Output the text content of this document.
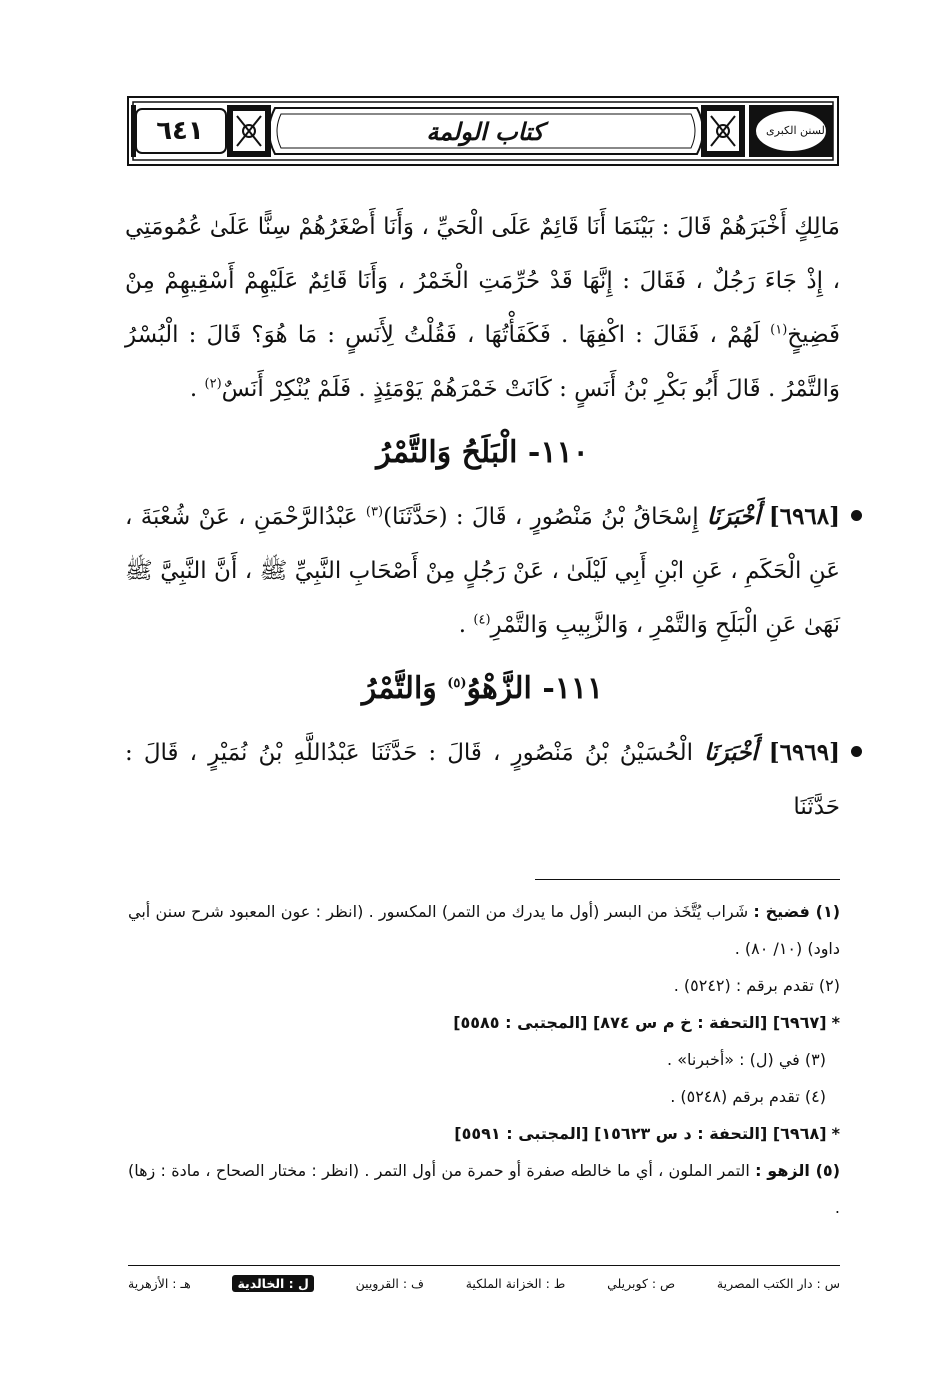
٦٤١	كتاب الولمة	السنن الكبرى

مَالِكٍ أَخْبَرَهُمْ قَالَ : بَيْنَمَا أَنَا قَائِمٌ عَلَى الْحَيِّ ، وَأَنَا أَصْغَرُهُمْ سِنًّا عَلَىٰ عُمُومَتِي ، إِذْ جَاءَ رَجُلٌ ، فَقَالَ : إِنَّهَا قَدْ حُرِّمَتِ الْخَمْرُ ، وَأَنَا قَائِمٌ عَلَيْهِمْ أَسْقِيهِمْ مِنْ فَضِيخٍ$^{(١)}$ لَهُمْ ، فَقَالَ : اكْفِهَا . فَكَفَأْتُهَا ، فَقُلْتُ لِأَنَسٍ : مَا هُوَ؟ قَالَ : الْبُسْرُ وَالتَّمْرُ . قَالَ أَبُو بَكْرِ بْنُ أَنَسٍ : كَانَتْ خَمْرَهُمْ يَوْمَئِذٍ . فَلَمْ يُنْكِرْ أَنَسٌ$^{(٢)}$ .

١١٠- الْبَلَحُ وَالتَّمْرُ

[٦٩٦٨] أَخْبَرَنَا إِسْحَاقُ بْنُ مَنْصُورٍ ، قَالَ : (حَدَّثَنَا)$^{(٣)}$ عَبْدُالرَّحْمَنِ ، عَنْ شُعْبَةَ ، عَنِ الْحَكَمِ ، عَنِ ابْنِ أَبِي لَيْلَىٰ ، عَنْ رَجُلٍ مِنْ أَصْحَابِ النَّبِيِّ ﷺ ، أَنَّ النَّبِيَّ ﷺ نَهَىٰ عَنِ الْبَلَحِ وَالتَّمْرِ ، وَالزَّبِيبِ وَالتَّمْرِ$^{(٤)}$ .

١١١- الزَّهْوُ$^{(٥)}$ وَالتَّمْرُ

[٦٩٦٩] أَخْبَرَنَا الْحُسَيْنُ بْنُ مَنْصُورٍ ، قَالَ : حَدَّثَنَا عَبْدُاللَّهِ بْنُ نُمَيْرٍ ، قَالَ : حَدَّثَنَا

(١) فضيخ : شَراب يُتَّخَذ من البسر (أول ما يدرك من التمر) المكسور . (انظر : عون المعبود شرح سنن أبي داود) (١٠/ ٨٠) .

(٢) تقدم برقم : (٥٢٤٢) .

* [٦٩٦٧] [التحفة : خ م س ٨٧٤] [المجتبى : ٥٥٨٥]

(٣) في (ل) : «أخبرنا» .

(٤) تقدم برقم (٥٢٤٨) .

* [٦٩٦٨] [التحفة : د س ١٥٦٢٣] [المجتبى : ٥٥٩١]

(٥) الزهو : التمر الملون ، أي ما خالطه صفرة أو حمرة من أول التمر . (انظر : مختار الصحاح ، مادة : زها) .

س : دار الكتب المصرية
ص : كوبريلي
ط : الخزانة الملكية
ف : القرويين
ل : الخالدية
هـ : الأزهرية
